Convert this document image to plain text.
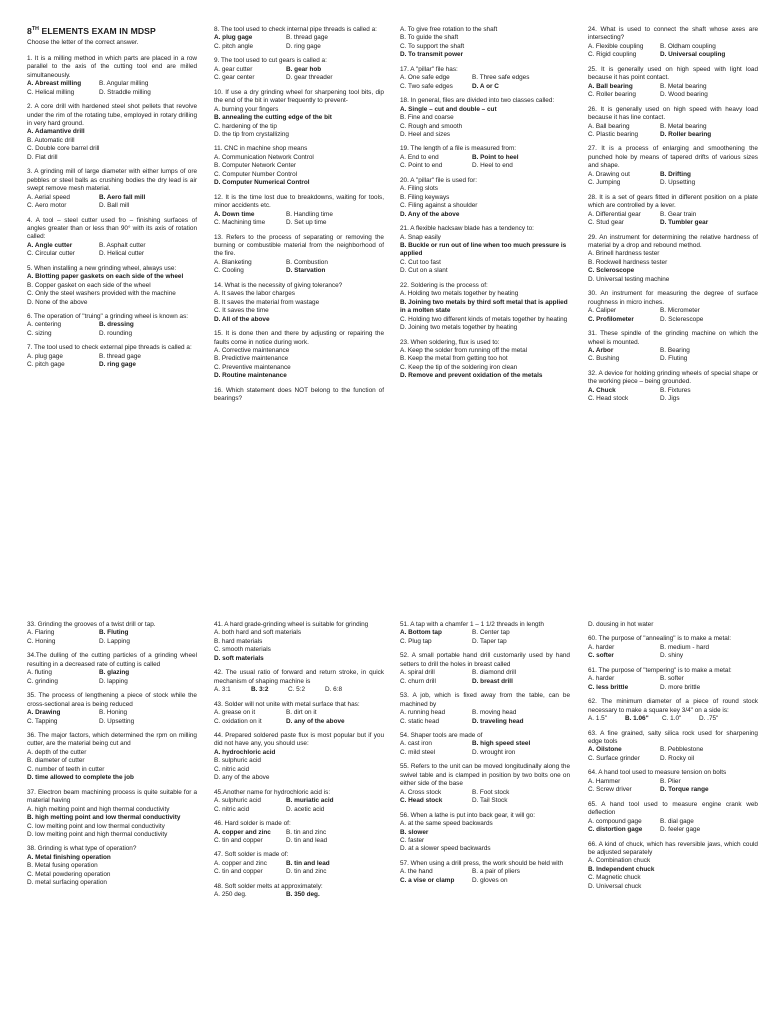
8TH ELEMENTS EXAM IN MDSP
Choose the letter of the correct answer.
1. It is a milling method in which parts are placed in a row parallel to the axis of the cutting tool end are milled simultaneously.
A. Abreast milling	B. Angular milling
C. Helical milling	D. Straddle milling
2. A core drill with hardened steel shot pellets that revolve under the rim of the rotating tube, employed in rotary drilling in very hard ground.
A. Adamantive drill
B. Automatic drill
C. Double core barrel drill
D. Flat drill
3. A grinding mill of large diameter with either lumps of ore pebbles or steel balls as crushing bodies the dry lead is air swept remove mesh material.
A. Aerial speed	B. Aero fall mill
C. Aero motor	D. Ball mill
4. A tool – steel cutter used fro – finishing surfaces of angles greater than or less than 90° with its axis of rotation called:
A. Angle cutter	B. Asphalt cutter
C. Circular cutter	D. Helical cutter
5. When installing a new grinding wheel, always use:
A. Blotting paper gaskets on each side of the wheel
B. Copper gasket on each side of the wheel
C. Only the steel washers provided with the machine
D. None of the above
6. The operation of "truing" a grinding wheel is known as:
A. centering	B. dressing
C. sizing	D. rounding
7. The tool used to check external pipe threads is called a:
A. plug gage	B. thread gage
C. pitch gage	D. ring gage
8. The tool used to check internal pipe threads is called a:
A. plug gage	B. thread gage
C. pitch angle	D. ring gage
9. The tool used to cut gears is called a:
A. gear cutter	B. gear hob
C. gear center	D. gear threader
10. If use a dry grinding wheel for sharpening tool bits, dip the end of the bit in water frequently to prevent-
A. burning your fingers
B. annealing the cutting edge of the bit
C. hardening of the tip
D. the tip from crystallizing
11. CNC in machine shop means
A. Communication Network Control
B. Computer Network Center
C. Computer Number Control
D. Computer Numerical Control
12. It is the time lost due to breakdowns, waiting for tools, minor accidents etc.
A. Down time	B. Handling time
C. Machining time	D. Set up time
13. Refers to the process of separating or removing the burning or combustible material from the neighborhood of the fire.
A. Blanketing	B. Combustion
C. Cooling	D. Starvation
14. What is the necessity of giving tolerance?
A. It saves the labor charges
B. It saves the material from wastage
C. It saves the time
D. All of the above
15. It is done then and there by adjusting or repairing the faults come in notice during work.
A. Corrective maintenance
B. Predictive maintenance
C. Preventive maintenance
D. Routine maintenance
16. Which statement does NOT belong to the function of bearings?
A. To give free rotation to the shaft
B. To guide the shaft
C. To support the shaft
D. To transmit power
17. A "pillar" file has:
A. One safe edge	B. Three safe edges
C. Two safe edges	D. A or C
18. In general, files are divided into two classes called:
A. Single – cut and double – cut
B. Fine and coarse
C. Rough and smooth
D. Heel and sizes
19. The length of a file is measured from:
A. End to end	B. Point to heel
C. Point to end	D. Heel to end
20. A "pillar" file is used for:
A. Filing slots
B. Filing keyways
C. Filing against a shoulder
D. Any of the above
21. A flexible hacksaw blade has a tendency to:
A. Snap easily
B. Buckle or run out of line when too much pressure is applied
C. Cut too fast
D. Cut on a slant
22. Soldering is the process of:
A. Holding two metals together by heating
B. Joining two metals by third soft metal that is applied in a molten state
C. Holding two different kinds of metals together by heating
D. Joining two metals together by heating
23. When soldering, flux is used to:
A. Keep the solder from running off the metal
B. Keep the metal from getting too hot
C. Keep the tip of the soldering iron clean
D. Remove and prevent oxidation of the metals
24. What is used to connect the shaft whose axes are intersecting?
A. Flexible coupling	B. Oldham coupling
C. Rigid coupling	D. Universal coupling
25. It is generally used on high speed with light load because it has point contact.
A. Ball bearing	B. Metal bearing
C. Roller bearing	D. Wood bearing
26. It is generally used on high speed with heavy load because it has line contact.
A. Ball bearing	B. Metal bearing
C. Plastic bearing	D. Roller bearing
27. It is a process of enlarging and smoothening the punched hole by means of tapered drifts of various sizes and shape.
A. Drawing out	B. Drifting
C. Jumping	D. Upsetting
28. It is a set of gears fitted in different position on a plate which are controlled by a lever.
A. Differential gear	B. Gear train
C. Stud gear	D. Tumbler gear
29. An instrument for determining the relative hardness of material by a drop and rebound method.
A. Brinell hardness tester
B. Rockwell hardness tester
C. Scleroscope
D. Universal testing machine
30. An instrument for measuring the degree of surface roughness in micro inches.
A. Caliper	B. Micrometer
C. Profilometer	D. Sclerescope
31. These spindle of the grinding machine on which the wheel is mounted.
A. Arbor	B. Bearing
C. Bushing	D. Fluting
32. A device for holding grinding wheels of special shape or the working piece – being grounded.
A. Chuck	B. Fixtures
C. Head stock	D. Jigs
33. Grinding the grooves of a twist drill or tap.
A. Flaring	B. Fluting
C. Honing	D. Lapping
34.The dulling of the cutting particles of a grinding wheel resulting in a decreased rate of cutting is called
A. fluting	B. glazing
C. grinding	D. lapping
35. The process of lengthening a piece of stock while the cross-sectional area is being reduced
A. Drawing	B. Honing
C. Tapping	D. Upsetting
36. The major factors, which determined the rpm on milling cutter, are the material being cut and
A. depth of the cutter
B. diameter of cutter
C. number of teeth in cutter
D. time allowed to complete the job
37. Electron beam machining process is quite suitable for a material having
A. high melting point and high thermal conductivity
B. high melting point and low thermal conductivity
C. low melting point and low thermal conductivity
D. low melting point and high thermal conductivity
38. Grinding is what type of operation?
A. Metal finishing operation
B. Metal fusing operation
C. Metal powdering operation
D. metal surfacing operation
41. A hard grade-grinding wheel is suitable for grinding
A. both hard and soft materials
B. hard materials
C. smooth materials
D. soft materials
42. The usual ratio of forward and return stroke, in quick mechanism of shaping machine is
A. 3:1	B. 3:2	C. 5:2	D. 6:8
43. Solder will not unite with metal surface that has:
A. grease on it	B. dirt on it
C. oxidation on it	D. any of the above
44. Prepared soldered paste flux is most popular but if you did not have any, you should use:
A. hydrochloric acid
B. sulphuric acid
C. nitric acid
D. any of the above
45.Another name for hydrochloric acid is:
A. sulphuric acid	B. muriatic acid
C. nitric acid	D. acetic acid
46. Hard solder is made of:
A. copper and zinc	B. tin and zinc
C. tin and copper	D. tin and lead
47. Soft solder is made of:
A. copper and zinc	B. tin and lead
C. tin and copper	D. tin and zinc
48. Soft solder melts at approximately:
A. 250 deg.	B. 350 deg.
51. A tap with a chamfer 1 – 1 1/2 threads in length
A. Bottom tap	B. Center tap
C. Plug tap	D. Taper tap
52. A small portable hand drill customarily used by hand setters to drill the holes in breast called
A. spiral drill	B. diamond drill
C. churn drill	D. breast drill
53. A job, which is fixed away from the table, can be machined by
A. running head	B. moving head
C. static head	D. traveling head
54. Shaper tools are made of
A. cast iron	B. high speed steel
C. mild steel	D. wrought iron
55. Refers to the unit can be moved longitudinally along the swivel table and is clamped in position by two bolts one on either side of the base
A. Cross stock	B. Foot stock
C. Head stock	D. Tail Stock
56. When a lathe is put into back gear, it will go:
A. at the same speed backwards
B. slower
C. faster
D. at a slower speed backwards
57. When using a drill press, the work should be held with
A. the hand	B. a pair of pliers
C. a vise or clamp	D. gloves on
D. dousing in hot water
60. The purpose of "annealing" is to make a metal:
A. harder	B. medium - hard
C. softer	D. shiny
61. The purpose of "tempering" is to make a metal:
A. harder	B. softer
C. less brittle	D. more brittle
62. The minimum diameter of a piece of round stock necessary to make a square key 3/4" on a side is:
A. 1.5"	B. 1.06"	C. 1.0"	D. .75"
63. A fine grained, salty silica rock used for sharpening edge tools
A. Oilstone	B. Pebblestone
C. Surface grinder	D. Rocky oil
64. A hand tool used to measure tension on bolts
A. Hammer	B. Plier
C. Screw driver	D. Torque range
65. A hand tool used to measure engine crank web deflection
A. compound gage	B. dial gage
C. distortion gage	D. feeler gage
66. A kind of chuck, which has reversible jaws, which could be adjusted separately
A. Combination chuck
B. Independent chuck
C. Magnetic chuck
D. Universal chuck
